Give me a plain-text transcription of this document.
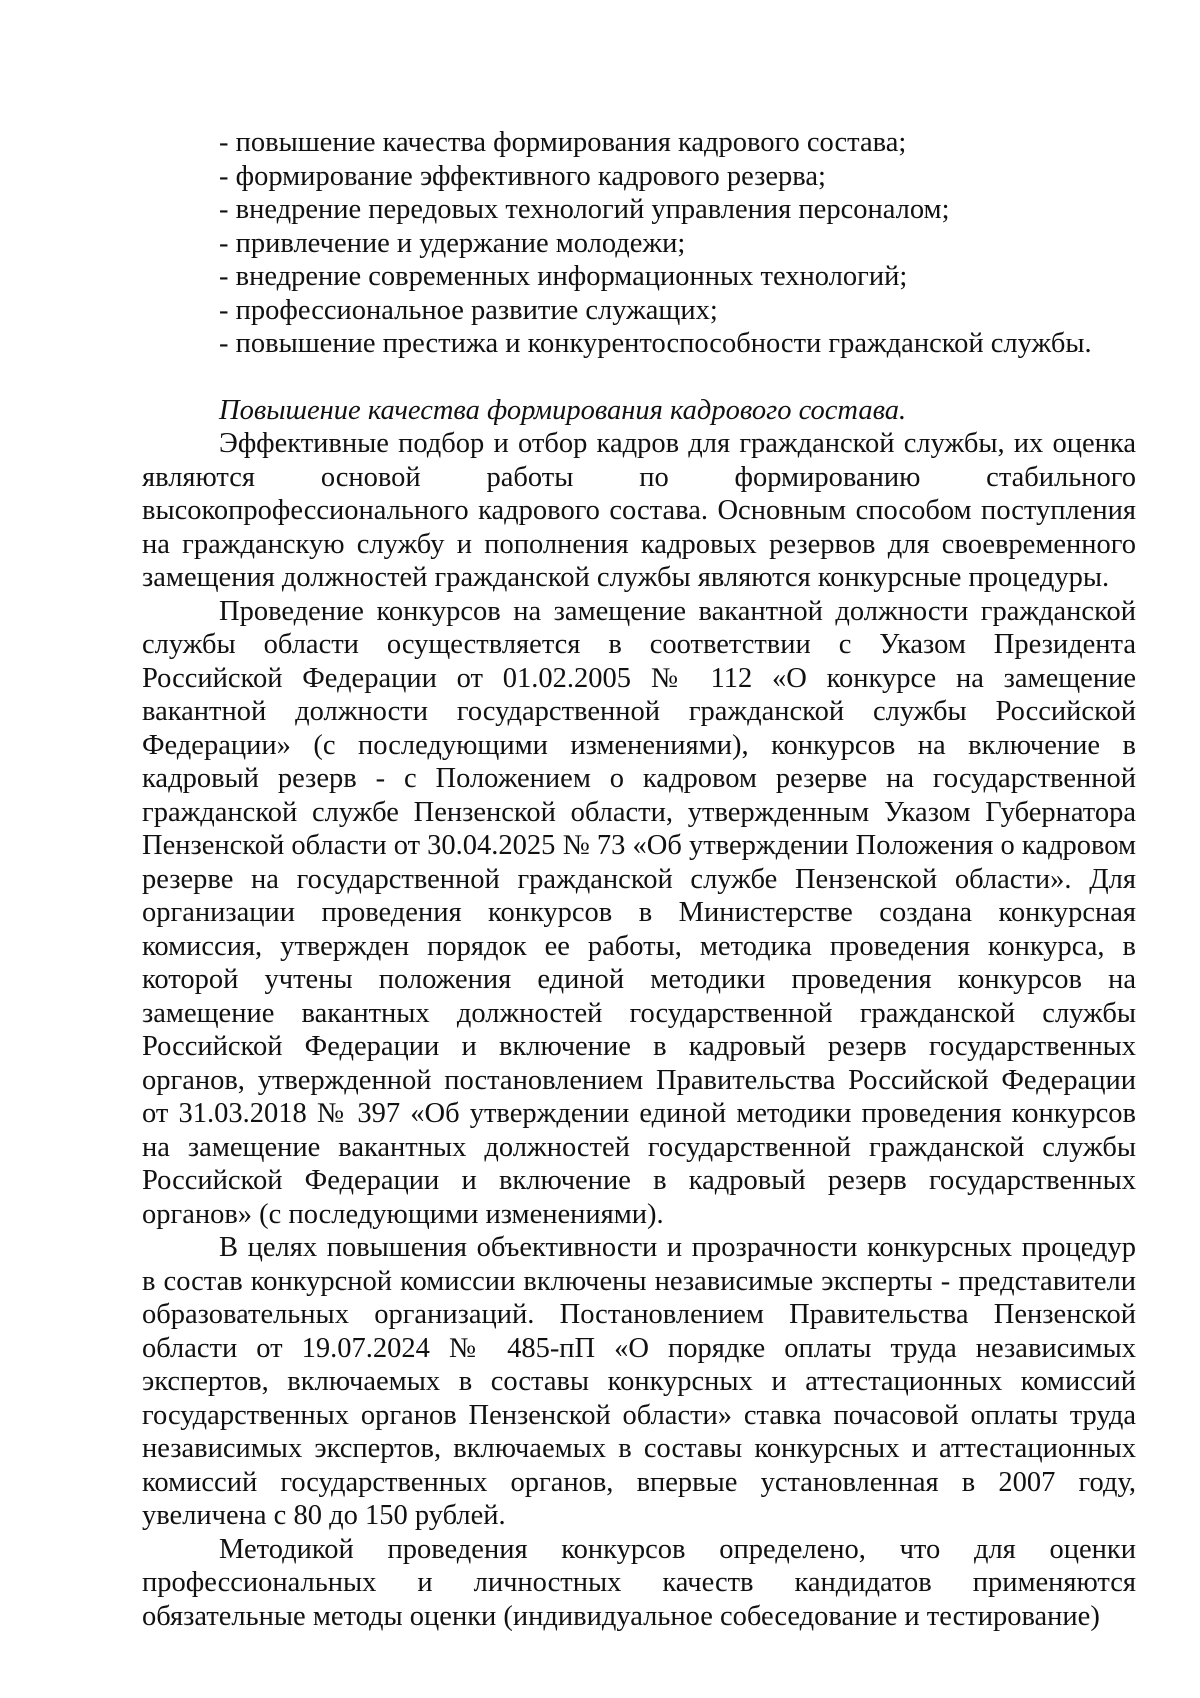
- повышение качества формирования кадрового состава;
- формирование эффективного кадрового резерва;
- внедрение передовых технологий управления персоналом;
- привлечение и удержание молодежи;
- внедрение современных информационных технологий;
- профессиональное развитие служащих;
- повышение престижа и конкурентоспособности гражданской службы.

Повышение качества формирования кадрового состава.

Эффективные подбор и отбор кадров для гражданской службы, их оценка являются основой работы по формированию стабильного высокопрофессионального кадрового состава. Основным способом поступления на гражданскую службу и пополнения кадровых резервов для своевременного замещения должностей гражданской службы являются конкурсные процедуры.

Проведение конкурсов на замещение вакантной должности гражданской службы области осуществляется в соответствии с Указом Президента Российской Федерации от 01.02.2005 № 112 «О конкурсе на замещение вакантной должности государственной гражданской службы Российской Федерации» (с последующими изменениями), конкурсов на включение в кадровый резерв - с Положением о кадровом резерве на государственной гражданской службе Пензенской области, утвержденным Указом Губернатора Пензенской области от 30.04.2025 № 73 «Об утверждении Положения о кадровом резерве на государственной гражданской службе Пензенской области». Для организации проведения конкурсов в Министерстве создана конкурсная комиссия, утвержден порядок ее работы, методика проведения конкурса, в которой учтены положения единой методики проведения конкурсов на замещение вакантных должностей государственной гражданской службы Российской Федерации и включение в кадровый резерв государственных органов, утвержденной постановлением Правительства Российской Федерации от 31.03.2018 № 397 «Об утверждении единой методики проведения конкурсов на замещение вакантных должностей государственной гражданской службы Российской Федерации и включение в кадровый резерв государственных органов» (с последующими изменениями).

В целях повышения объективности и прозрачности конкурсных процедур в состав конкурсной комиссии включены независимые эксперты - представители образовательных организаций. Постановлением Правительства Пензенской области от 19.07.2024 № 485-пП «О порядке оплаты труда независимых экспертов, включаемых в составы конкурсных и аттестационных комиссий государственных органов Пензенской области» ставка почасовой оплаты труда независимых экспертов, включаемых в составы конкурсных и аттестационных комиссий государственных органов, впервые установленная в 2007 году, увеличена с 80 до 150 рублей.

Методикой проведения конкурсов определено, что для оценки профессиональных и личностных качеств кандидатов применяются обязательные методы оценки (индивидуальное собеседование и тестирование)
